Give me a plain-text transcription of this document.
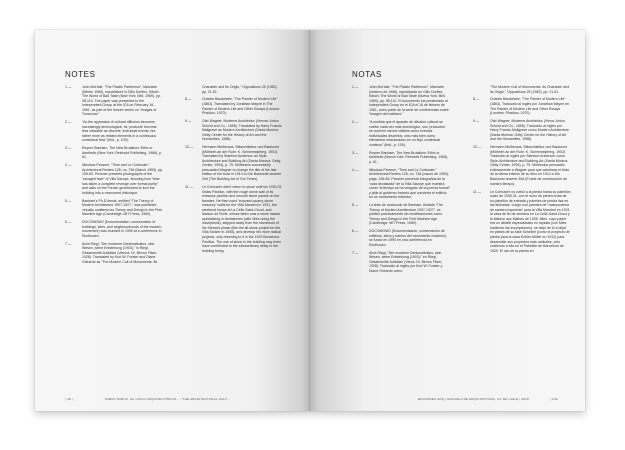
NOTES
1 —	John McHale, “The Plastic Parthenon”, Marcatre (Winter 1966), republished in Gillo Dorfles, Kitsch: The World of Bad Taste (New York: Bell, 1969), pp. 98-110. The paper was presented to the Independent Group at the ICA on February 16, 1961, as part of the lecture series on “Images of Tomorrow.”
2 —	“As the apparatus of cultural diffusion becomes increasingly technological, its ‘products’ become less viewable as discrete, individual events, but rather more as related elements in a continuous contextual flow” (ibid., p. 109).
3 —	Reyner Banham, The New Brutalism: Ethic or Aesthetic (New York: Reinhold Publishing, 1966), p. 61.
4 —	Nikolaus Pevsner, “Time and Le Corbusier,” Architectural Review 125, no. 746 (March 1959), pp. 159-65. Pevsner presents photographs of the “ravaged face” of Villa Savoye, showing how “time has taken a complete revenge over formal purity” and calls on the French government to turn the building into a monument historique.
5 —	Banham’s Ph.D thesis, entitled “The Theory of Modern Architecture 1907-1927,” was published virtually unaltered as Theory and Design in the First Machine Age (Cambridge: MIT Press, 1960).
6 —	DOCOMOMO (Documentation, conservation of buildings, sites, and neighbourhoods of the modern movement) was founded in 1990 at a conference in Eindhoven.
7 —	Alois Riegl, “Der moderne Denkmalkultus, sein Wesen, seine Entstehung (1903),” in Riegl, Gesammelte Aufsätze (Vienna: Dr. Benno Filser, 1928). Translated by Kurt W. Forster and Diane Ghirardo as “The Modern Cult of Monuments: Its
Character and Its Origin,” Oppositions 25 (1982), pp. 21-51.
8 —	Charles Baudelaire, “The Painter of Modern Life” (1863). Translated by Jonathan Mayne in The Painter of Modern Life and Other Essays (London: Phaidon, 1970).
9 —	Otto Wagner, Moderne Architektur (Vienna: Anton Schroll and Co., 1896). Translated by Harry Francis Mallgrave as Modern Architecture (Santa Monica: Getty Center for the History of Art and the Humanities, 1988).
10 —	Hermann Muthesius, Stilarchitektur und Baukunst (Mülheim an der Ruhr: K. Schimmelpfeng, 1902). Translated by Stanford Anderson as Style-Architecture and Building-Art (Santa Monica: Getty Center, 1994), p. 75. Muthesius successfully persuaded Wagner to change the title of the last edition of his book in 1914 to Die Baukunst unserer Zeit (The Building-Art of Our Times).
11 —	Le Corbusier didn’t return to stone until his 1930-31 Swiss Pavilion, with the rough stone wall of its entrance pavilion and smooth stone panels on the facades. He then used “exposed quarry-stone masonry” walls for the Villa Mandrot in 1931, the weekend house at La Celle-Saint-Cloud, and Maison de Rohé, whose fabric was a stone mason specializing in tombstones (with Miés doing the inscriptions), stepped away from the stonework of his Schwöd phase (like the all-stone project for the Villa Stotzer in 1908), and develop his more radical projects, only returning to it in the 1929 Barcelona Pavilion. The use of stone in the building may even have contributed to the extraordinary delay in the building being
| 48 |	MIRKO WIDLIK. EL CICLO ARQUITECTÓNICO... / THE ARCHITECTURAL CULT...
NOTAS
1 —	John McHale, “The Plastic Parthenon”, Marcatre (invierno de 1966), republicado en Gillo Dorfles, Kitsch: The World of Bad Taste (Nueva York: Bell, 1969), pp. 98-110. El documento fue presentado al Independent Group en el ICA el 16 de febrero de 1961, como parte de la serie de conferencias sobre “Imagen del mañana.”
2 —	“A medida que el aparato de difusión cultural se vuelve cada vez más tecnológico, sus ‘productos’ se vuelven menos visibles como eventos individuales discretos, sino más bien como elementos relacionados en un flujo contextual continuo” (ibid., p. 109).
3 —	Reyner Banham, The New Brutalism: Ethic or Aesthetic (Nueva York: Reinhold Publishing, 1966), p. 61.
4 —	Nikolaus Pevsner, “Time and Le Corbusier,” Architectural Review 125, no. 746 (marzo de 1959), págs. 159-65. Pevsner presenta fotografías de la “cara devastada” de la Villa Savoye que muestra cómo “el tiempo se ha vengado de la pureza formal” y pide al gobierno francés que convierta el edificio en un monumento histórico.
5 —	La tesis de doctorado de Banham, titulada “The Theory of Modern Architecture 1907-1927”, se publicó prácticamente sin modificaciones como Theory and Design in the First Machine Age (Cambridge: MIT Press, 1960).
6 —	DOCOMOMO (Documentación, conservación de edificios, sitios y barrios del movimiento moderno) se fundó en 1990 en una conferencia en Eindhoven.
7 —	Alois Riegl, “Der moderne Denkmalkultus, sein Wesen, seine Entstehung (1903),” en Riegl, Gesammelte Aufsätze (Viena: Dr. Benno Filser, 1928). Traducido al inglés por Kurt W. Forster y Diane Ghirardo como
“The Modern Cult of Monuments: Its Character and Its Origin,” Oppositions 25 (1982), pp. 21-51.
8 —	Charles Baudelaire, “The Painter of Modern Life” (1863). Traducido al inglés por Jonathan Mayne en The Painter of Modern Life and Other Essays (Londres: Phaidon, 1970).
9 —	Otto Wagner, Moderne Architektur (Viena: Anton Schroll and Co., 1896). Traducido al inglés por Harry Francis Mallgrave como Modern Architecture (Santa Mónica: Getty Center for the History of Art and the Humanities, 1988).
10 —	Hermann Muthesius, Stilarchitektur und Baukunst (Mülheim an der Ruhr: K. Schimmelpfeng, 1902). Traducido al inglés por Stanford Anderson como Style-Architecture and Building-Art (Santa Mónica: Getty Center, 1994), p. 75. Muthesius persuadió exitosamente a Wagner para que cambiara el título de la última edición de su libro en 1914 a Die Baukunst unserer Zeit (El arte de construcción de nuestro tiempo).
11 —	Le Corbusier no volvió a la piedra hasta su pabellón suizo de 1930-31, con el muro de piedra bruta de su pabellón de entrada y paneles de piedra lisa en las fachadas. Luego usó paredes de “mampostería de cantera expuesta” para la Villa Mandrot en 1931, la casa de fin de semana en La Celle-Saint-Cloud y la Maison aux Mathes de 1935. Mies, cuyo padre era un albañil especializado en lápidas (con Mies haciendo las inscripciones), se alejó de él a dejar en piedra de su fase Schinkel (como el proyecto de piedra para la casa Kröller-Müller en 1912) para desarrollar sus proyectos más radicales, sólo volviendo a ella en el Pabellón de Barcelona de 1929. El uso de la piedra en
EDICIONES ARQ | ESCUELA DE ARQUITECTURA, UC DE CHILE | 2019	| 149
